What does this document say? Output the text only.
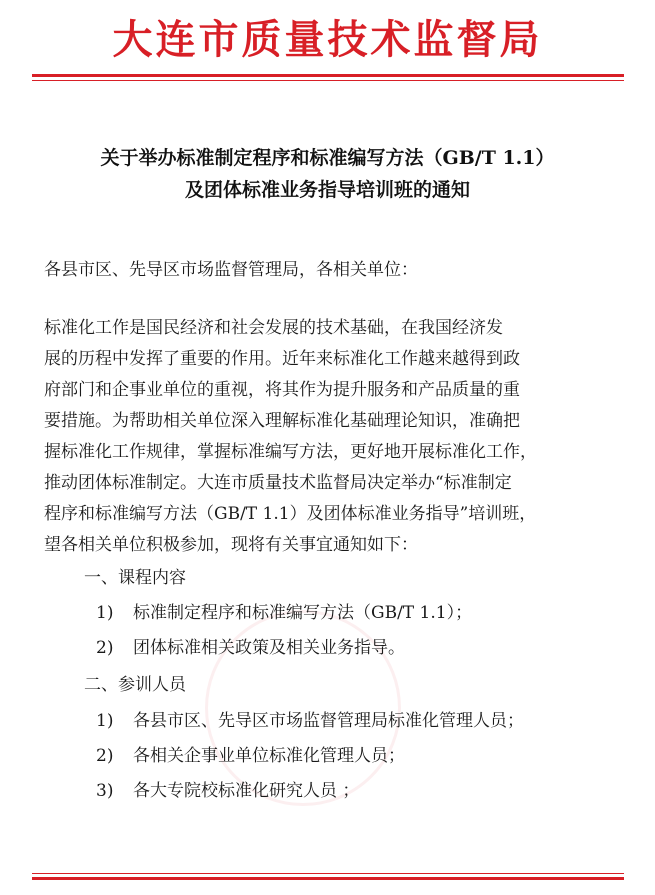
大连市质量技术监督局
关于举办标准制定程序和标准编写方法（GB/T 1.1）
及团体标准业务指导培训班的通知
各县市区、先导区市场监督管理局，各相关单位：
标准化工作是国民经济和社会发展的技术基础，在我国经济发
展的历程中发挥了重要的作用。近年来标准化工作越来越得到政
府部门和企事业单位的重视，将其作为提升服务和产品质量的重
要措施。为帮助相关单位深入理解标准化基础理论知识，准确把
握标准化工作规律，掌握标准编写方法，更好地开展标准化工作，
推动团体标准制定。大连市质量技术监督局决定举办“标准制定
程序和标准编写方法（GB/T 1.1）及团体标准业务指导”培训班，
望各相关单位积极参加，现将有关事宜通知如下：
一、课程内容
1) 标准制定程序和标准编写方法（GB/T 1.1）；
2) 团体标准相关政策及相关业务指导。
二、参训人员
1) 各县市区、先导区市场监督管理局标准化管理人员；
2) 各相关企事业单位标准化管理人员；
3) 各大专院校标准化研究人员 ；
